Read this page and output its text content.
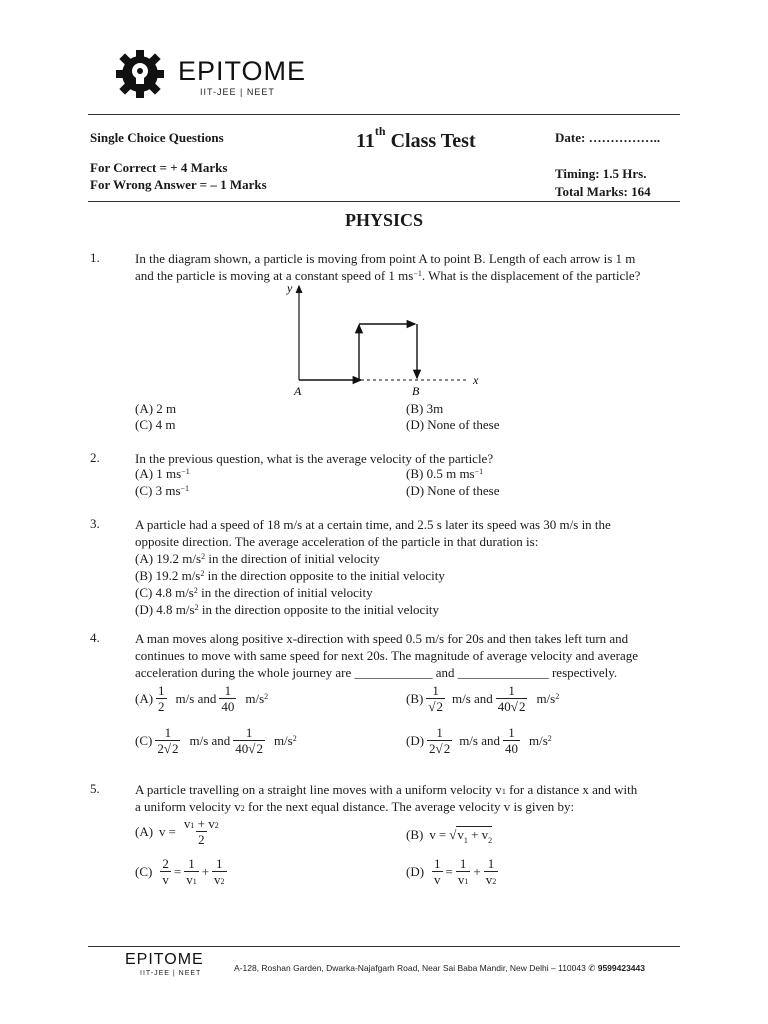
EPITOME
IIT-JEE | NEET
Single Choice Questions	11th Class Test	Date: ……………..
For Correct = + 4 Marks
For Wrong Answer = – 1 Marks
Timing: 1.5 Hrs.
Total Marks: 164
PHYSICS
1.	In the diagram shown, a particle is moving from point A to point B. Length of each arrow is 1 m
and the particle is moving at a constant speed of 1 $ms^{-1}$. What is the displacement of the particle?
y
x
A	B
(A) 2 m	(B) 3m
(C) 4 m	(D) None of these
2.	In the previous question, what is the average velocity of the particle?
(A) 1 $ms^{-1}$	(B) 0.5 m $ms^{-1}$
(C) 3 $ms^{-1}$	(D) None of these
3.	A particle had a speed of 18 m/s at a certain time, and 2.5 s later its speed was 30 m/s in the
opposite direction. The average acceleration of the particle in that duration is:
(A) 19.2 $m/s^2$ in the direction of initial velocity
(B) 19.2 $m/s^2$ in the direction opposite to the initial velocity
(C) 4.8 $m/s^2$ in the direction of initial velocity
(D) 4.8 $m/s^2$ in the direction opposite to the initial velocity
4.	A man moves along positive x-direction with speed 0.5 m/s for 20s and then takes left turn and
continues to move with same speed for next 20s. The magnitude of average velocity and average
acceleration during the whole journey are ____________ and ______________ respectively.
$(A) \frac{1}{2} m/s$ and $\frac{1}{40} m/s^2$	$(B) \frac{1}{√2} m/s$ and $\frac{1}{40√2} m/s^2$
$(C) \frac{1}{2√2} m/s$ and $\frac{1}{40√2} m/s^2$	$(D) \frac{1}{2√2} m/s$ and $\frac{1}{40} m/s^2$
5.	A particle travelling on a straight line moves with a uniform velocity $v_1$ for a distance x and with
a uniform velocity $v_2$ for the next equal distance. The average velocity v is given by:
(A) $v = \frac{v_1 + v_2}{2}$	(B) v = √ $v_1 + v_2$
$(C) \frac{2}{v} = \frac{1}{v_1} + \frac{1}{v_2}$	$(D) \frac{1}{v} = \frac{1}{v_1} + \frac{1}{v_2}$
EPITOME
IIT-JEE | NEET
A-128, Roshan Garden, Dwarka-Najafgarh Road, Near Sai Baba Mandir, New Delhi – 110043 ✆ 9599423443
